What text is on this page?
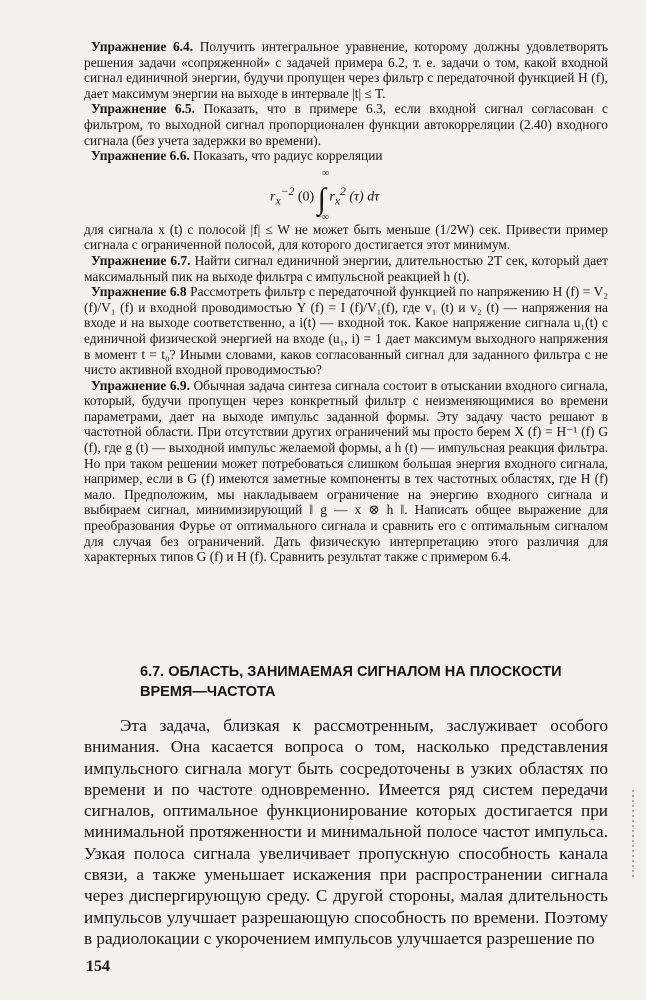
Упражнение 6.4. Получить интегральное уравнение, которому должны удовлетворять решения задачи «сопряженной» с задачей примера 6.2, т. е. задачи о том, какой входной сигнал единичной энергии, будучи пропущен через фильтр с передаточной функцией H (f), дает максимум энергии на выходе в интервале |t| ≤ T.

Упражнение 6.5. Показать, что в примере 6.3, если входной сигнал согласован с фильтром, то выходной сигнал пропорционален функции автокорреляции (2.40) входного сигнала (без учета задержки во времени).

Упражнение 6.6. Показать, что радиус корреляции

∞
$r_x^{-2}$ (0) ∫ $r_x^2$ (τ) dτ
−∞

для сигнала x (t) с полосой |f| ≤ W не может быть меньше (1/2W) сек. Привести пример сигнала с ограниченной полосой, для которого достигается этот минимум.

Упражнение 6.7. Найти сигнал единичной энергии, длительностью 2T сек, который дает максимальный пик на выходе фильтра с импульсной реакцией h (t).

Упражнение 6.8 Рассмотреть фильтр с передаточной функцией по напряжению H (f) = V₂ (f)/V₁ (f) и входной проводимостью Y (f) = I (f)/V₁(f), где v₁ (t) и v₂ (t) — напряжения на входе и на выходе соответственно, а i(t) — входной ток. Какое напряжение сигнала u₁(t) с единичной физической энергией на входе (u₁, i) = 1 дает максимум выходного напряжения в момент t = t₀? Иными словами, каков согласованный сигнал для заданного фильтра с не чисто активной входной проводимостью?

Упражнение 6.9. Обычная задача синтеза сигнала состоит в отыскании входного сигнала, который, будучи пропущен через конкретный фильтр с неизменяющимися во времени параметрами, дает на выходе импульс заданной формы. Эту задачу часто решают в частотной области. При отсутствии других ограничений мы просто берем X (f) = H⁻¹ (f) G (f), где g (t) — выходной импульс желаемой формы, а h (t) — импульсная реакция фильтра. Но при таком решении может потребоваться слишком большая энергия входного сигнала, например, если в G (f) имеются заметные компоненты в тех частотных областях, где H (f) мало. Предположим, мы накладываем ограничение на энергию входного сигнала и выбираем сигнал, минимизирующий ‖ g — x ⊗ h ‖. Написать общее выражение для преобразования Фурье от оптимального сигнала и сравнить его с оптимальным сигналом для случая без ограничений. Дать физическую интерпретацию этого различия для характерных типов G (f) и H (f). Сравнить результат также с примером 6.4.

6.7. ОБЛАСТЬ, ЗАНИМАЕМАЯ СИГНАЛОМ НА ПЛОСКОСТИ ВРЕМЯ—ЧАСТОТА

Эта задача, близкая к рассмотренным, заслуживает особого внимания. Она касается вопроса о том, насколько представления импульсного сигнала могут быть сосредоточены в узких областях по времени и по частоте одновременно. Имеется ряд систем передачи сигналов, оптимальное функционирование которых достигается при минимальной протяженности и минимальной полосе частот импульса. Узкая полоса сигнала увеличивает пропускную способность канала связи, а также уменьшает искажения при распространении сигнала через диспергирующую среду. С другой стороны, малая длительность импульсов улучшает разрешающую способность по времени. Поэтому в радиолокации с укорочением импульсов улучшается разрешение по

154
